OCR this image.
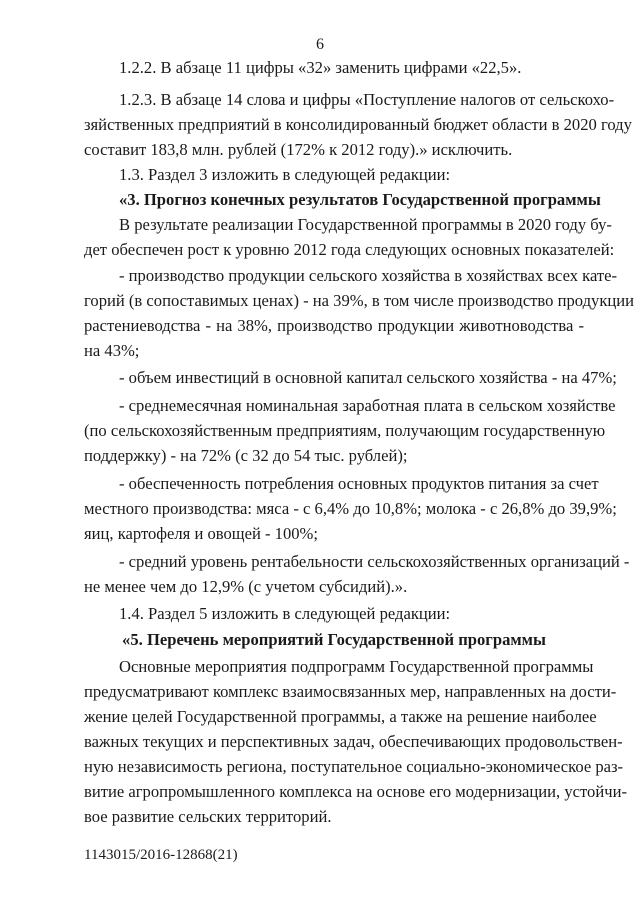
6
1.2.2. В абзаце 11 цифры «32» заменить цифрами «22,5».
1.2.3. В абзаце 14 слова и цифры «Поступление налогов от сельскохо-
зяйственных предприятий в консолидированный бюджет области в 2020 году
составит 183,8 млн. рублей (172% к 2012 году).» исключить.
1.3. Раздел 3 изложить в следующей редакции:
«3. Прогноз конечных результатов Государственной программы
В результате реализации Государственной программы в 2020 году бу-
дет обеспечен рост к уровню 2012 года следующих основных показателей:
- производство продукции сельского хозяйства в хозяйствах всех кате-
горий (в сопоставимых ценах) - на 39%, в том числе производство продукции
растениеводства - на 38%, производство продукции животноводства -
на 43%;
- объем инвестиций в основной капитал сельского хозяйства - на 47%;
- среднемесячная номинальная заработная плата в сельском хозяйстве
(по сельскохозяйственным предприятиям, получающим государственную
поддержку) - на 72% (с 32 до 54 тыс. рублей);
- обеспеченность потребления основных продуктов питания за счет
местного производства: мяса - с 6,4% до 10,8%; молока - с 26,8% до 39,9%;
яиц, картофеля и овощей - 100%;
- средний уровень рентабельности сельскохозяйственных организаций -
не менее чем до 12,9% (с учетом субсидий).».
1.4. Раздел 5 изложить в следующей редакции:
«5. Перечень мероприятий Государственной программы
Основные мероприятия подпрограмм Государственной программы
предусматривают комплекс взаимосвязанных мер, направленных на дости-
жение целей Государственной программы, а также на решение наиболее
важных текущих и перспективных задач, обеспечивающих продовольствен-
ную независимость региона, поступательное социально-экономическое раз-
витие агропромышленного комплекса на основе его модернизации, устойчи-
вое развитие сельских территорий.
1143015/2016-12868(21)
